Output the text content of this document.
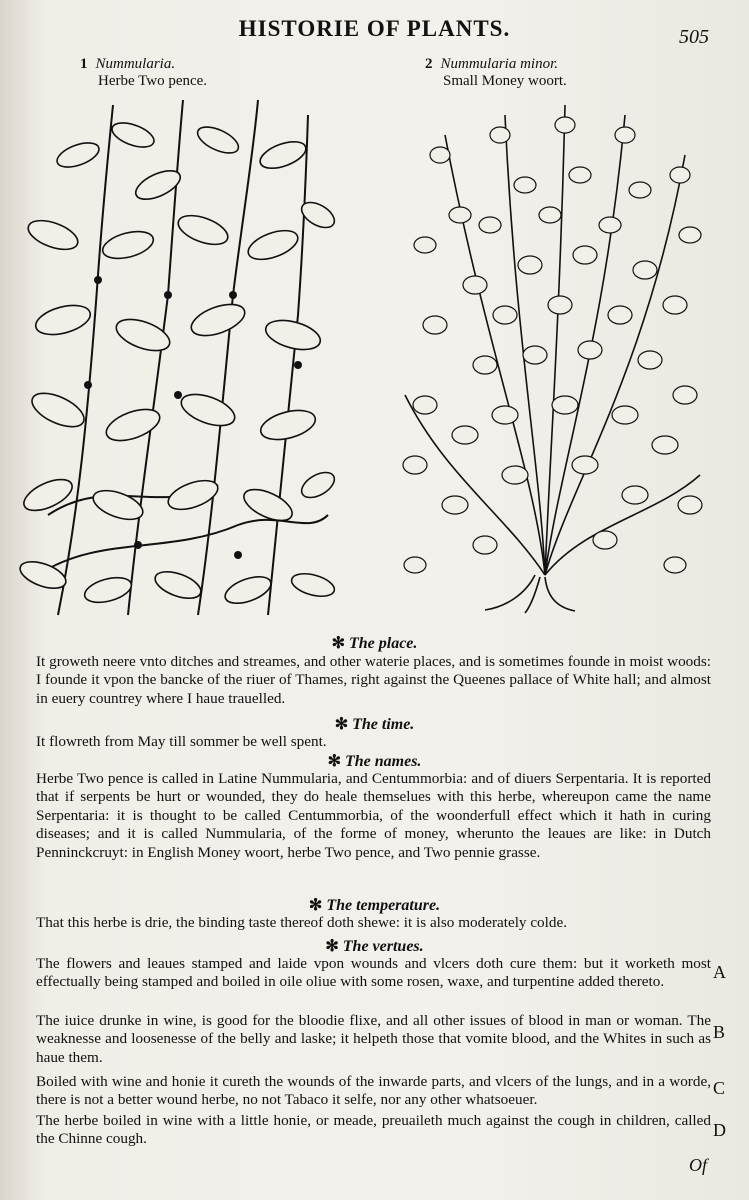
HISTORIE OF PLANTS.	505
1 Nummularia.
Herbe Two pence.
2 Nummularia minor.
Small Money woort.
✻ The place.
It groweth neere vnto ditches and streames, and other waterie places, and is sometimes founde in moist woods: I founde it vpon the bancke of the riuer of Thames, right against the Queenes pallace of White hall; and almost in euery countrey where I haue trauelled.
✻ The time.
It flowreth from May till sommer be well spent.
✻ The names.
Herbe Two pence is called in Latine Nummularia, and Centummorbia: and of diuers Serpentaria. It is reported that if serpents be hurt or wounded, they do heale themselues with this herbe, whereupon came the name Serpentaria: it is thought to be called Centummorbia, of the woonderfull effect which it hath in curing diseases; and it is called Nummularia, of the forme of money, wherunto the leaues are like: in Dutch Penninckcruyt: in English Money woort, herbe Two pence, and Two pennie grasse.
✻ The temperature.
That this herbe is drie, the binding taste thereof doth shewe: it is also moderately colde.
✻ The vertues.
The flowers and leaues stamped and laide vpon wounds and vlcers doth cure them: but it worketh most effectually being stamped and boiled in oile oliue with some rosen, waxe, and turpentine added thereto.	A
The iuice drunke in wine, is good for the bloodie flixe, and all other issues of blood in man or woman. The weaknesse and loosenesse of the belly and laske; it helpeth those that vomite blood, and the Whites in such as haue them.
B
Boiled with wine and honie it cureth the wounds of the inwarde parts, and vlcers of the lungs, and in a worde, there is not a better wound herbe, no not Tabaco it selfe, nor any other whatsoeuer.
C
The herbe boiled in wine with a little honie, or meade, preuaileth much against the cough in children, called the Chinne cough.	D
Of
